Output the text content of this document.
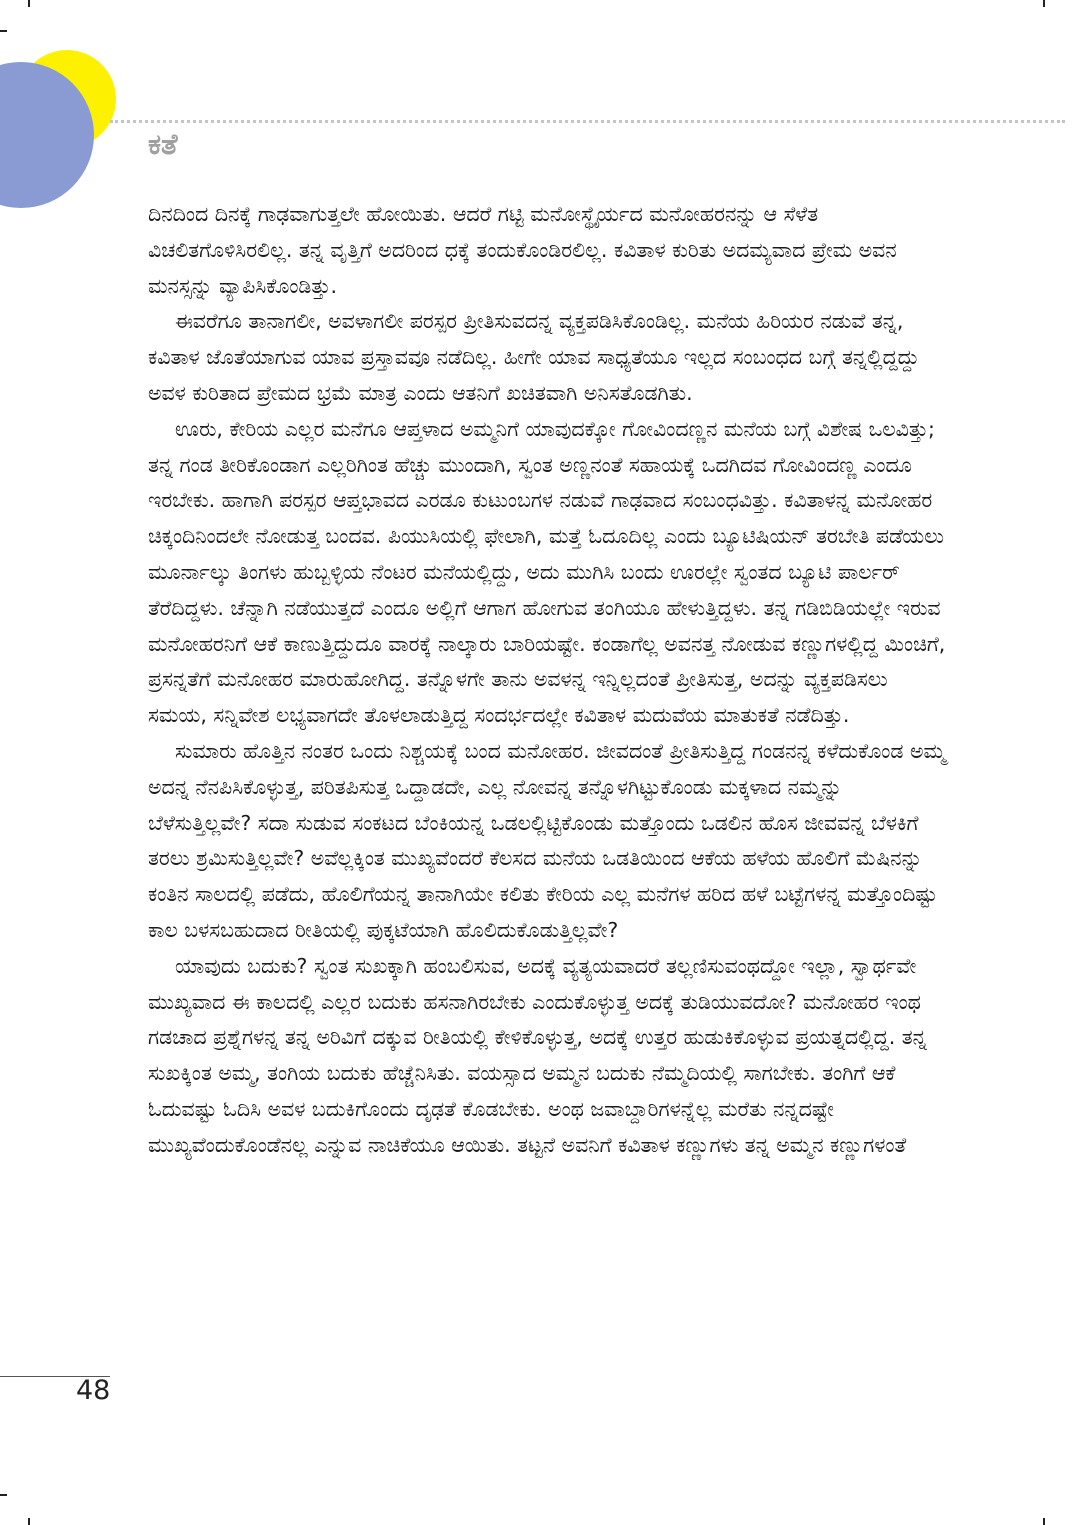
ಕತೆ

ದಿನದಿಂದ ದಿನಕ್ಕೆ ಗಾಢವಾಗುತ್ತಲೇ ಹೋಯಿತು. ಆದರೆ ಗಟ್ಟಿ ಮನೋಸ್ಥೈರ್ಯದ ಮನೋಹರನನ್ನು ಆ ಸೆಳೆತ ವಿಚಲಿತಗೊಳಿಸಿರಲಿಲ್ಲ. ತನ್ನ ವೃತ್ತಿಗೆ ಅದರಿಂದ ಧಕ್ಕೆ ತಂದುಕೊಂಡಿರಲಿಲ್ಲ. ಕವಿತಾಳ ಕುರಿತು ಅದಮ್ಯವಾದ ಪ್ರೇಮ ಅವನ ಮನಸ್ಸನ್ನು ವ್ಯಾಪಿಸಿಕೊಂಡಿತ್ತು.

ಈವರೆಗೂ ತಾನಾಗಲೀ, ಅವಳಾಗಲೀ ಪರಸ್ಪರ ಪ್ರೀತಿಸುವದನ್ನ ವ್ಯಕ್ತಪಡಿಸಿಕೊಂಡಿಲ್ಲ. ಮನೆಯ ಹಿರಿಯರ ನಡುವೆ ತನ್ನ, ಕವಿತಾಳ ಜೊತೆಯಾಗುವ ಯಾವ ಪ್ರಸ್ತಾವವೂ ನಡೆದಿಲ್ಲ. ಹೀಗೇ ಯಾವ ಸಾಧ್ಯತೆಯೂ ಇಲ್ಲದ ಸಂಬಂಧದ ಬಗ್ಗೆ ತನ್ನಲ್ಲಿದ್ದದ್ದು ಅವಳ ಕುರಿತಾದ ಪ್ರೇಮದ ಭ್ರಮೆ ಮಾತ್ರ ಎಂದು ಆತನಿಗೆ ಖಚಿತವಾಗಿ ಅನಿಸತೊಡಗಿತು.

ಊರು, ಕೇರಿಯ ಎಲ್ಲರ ಮನೆಗೂ ಆಪ್ತಳಾದ ಅಮ್ಮನಿಗೆ ಯಾವುದಕ್ಕೋ ಗೋವಿಂದಣ್ಣನ ಮನೆಯ ಬಗ್ಗೆ ವಿಶೇಷ ಒಲವಿತ್ತು; ತನ್ನ ಗಂಡ ತೀರಿಕೊಂಡಾಗ ಎಲ್ಲರಿಗಿಂತ ಹೆಚ್ಚು ಮುಂದಾಗಿ, ಸ್ವಂತ ಅಣ್ಣನಂತೆ ಸಹಾಯಕ್ಕೆ ಒದಗಿದವ ಗೋವಿಂದಣ್ಣ ಎಂದೂ ಇರಬೇಕು. ಹಾಗಾಗಿ ಪರಸ್ಪರ ಆಪ್ತಭಾವದ ಎರಡೂ ಕುಟುಂಬಗಳ ನಡುವೆ ಗಾಢವಾದ ಸಂಬಂಧವಿತ್ತು. ಕವಿತಾಳನ್ನ ಮನೋಹರ ಚಿಕ್ಕಂದಿನಿಂದಲೇ ನೋಡುತ್ತ ಬಂದವ. ಪಿಯುಸಿಯಲ್ಲಿ ಫೇಲಾಗಿ, ಮತ್ತೆ ಓದೂದಿಲ್ಲ ಎಂದು ಬ್ಯೂಟಿಷಿಯನ್ ತರಬೇತಿ ಪಡೆಯಲು ಮೂರ್ನಾಲ್ಕು ತಿಂಗಳು ಹುಬ್ಬಳ್ಳಿಯ ನೆಂಟರ ಮನೆಯಲ್ಲಿದ್ದು, ಅದು ಮುಗಿಸಿ ಬಂದು ಊರಲ್ಲೇ ಸ್ವಂತದ ಬ್ಯೂಟಿ ಪಾರ್ಲರ್ ತೆರೆದಿದ್ದಳು. ಚೆನ್ನಾಗಿ ನಡೆಯುತ್ತದೆ ಎಂದೂ ಅಲ್ಲಿಗೆ ಆಗಾಗ ಹೋಗುವ ತಂಗಿಯೂ ಹೇಳುತ್ತಿದ್ದಳು. ತನ್ನ ಗಡಿಬಿಡಿಯಲ್ಲೇ ಇರುವ ಮನೋಹರನಿಗೆ ಆಕೆ ಕಾಣುತ್ತಿದ್ದುದೂ ವಾರಕ್ಕೆ ನಾಲ್ಕಾರು ಬಾರಿಯಷ್ಟೇ. ಕಂಡಾಗೆಲ್ಲ ಅವನತ್ತ ನೋಡುವ ಕಣ್ಣುಗಳಲ್ಲಿದ್ದ ಮಿಂಚಿಗೆ, ಪ್ರಸನ್ನತೆಗೆ ಮನೋಹರ ಮಾರುಹೋಗಿದ್ದ. ತನ್ನೊಳಗೇ ತಾನು ಅವಳನ್ನ ಇನ್ನಿಲ್ಲದಂತೆ ಪ್ರೀತಿಸುತ್ತ, ಅದನ್ನು ವ್ಯಕ್ತಪಡಿಸಲು ಸಮಯ, ಸನ್ನಿವೇಶ ಲಭ್ಯವಾಗದೇ ತೊಳಲಾಡುತ್ತಿದ್ದ ಸಂದರ್ಭದಲ್ಲೇ ಕವಿತಾಳ ಮದುವೆಯ ಮಾತುಕತೆ ನಡೆದಿತ್ತು.

ಸುಮಾರು ಹೊತ್ತಿನ ನಂತರ ಒಂದು ನಿಶ್ಚಯಕ್ಕೆ ಬಂದ ಮನೋಹರ. ಜೀವದಂತೆ ಪ್ರೀತಿಸುತ್ತಿದ್ದ ಗಂಡನನ್ನ ಕಳೆದುಕೊಂಡ ಅಮ್ಮ ಅದನ್ನ ನೆನಪಿಸಿಕೊಳ್ಳುತ್ತ, ಪರಿತಪಿಸುತ್ತ ಒದ್ದಾಡದೇ, ಎಲ್ಲ ನೋವನ್ನ ತನ್ನೊಳಗಿಟ್ಟುಕೊಂಡು ಮಕ್ಕಳಾದ ನಮ್ಮನ್ನು ಬೆಳೆಸುತ್ತಿಲ್ಲವೇ? ಸದಾ ಸುಡುವ ಸಂಕಟದ ಬೆಂಕಿಯನ್ನ ಒಡಲಲ್ಲಿಟ್ಟಿಕೊಂಡು ಮತ್ತೊಂದು ಒಡಲಿನ ಹೊಸ ಜೀವವನ್ನ ಬೆಳಕಿಗೆ ತರಲು ಶ್ರಮಿಸುತ್ತಿಲ್ಲವೇ? ಅವೆಲ್ಲಕ್ಕಿಂತ ಮುಖ್ಯವೆಂದರೆ ಕೆಲಸದ ಮನೆಯ ಒಡತಿಯಿಂದ ಆಕೆಯ ಹಳೆಯ ಹೊಲಿಗೆ ಮೆಷಿನನ್ನು ಕಂತಿನ ಸಾಲದಲ್ಲಿ ಪಡೆದು, ಹೊಲಿಗೆಯನ್ನ ತಾನಾಗಿಯೇ ಕಲಿತು ಕೇರಿಯ ಎಲ್ಲ ಮನೆಗಳ ಹರಿದ ಹಳೆ ಬಟ್ಟೆಗಳನ್ನ ಮತ್ತೊಂದಿಷ್ಟು ಕಾಲ ಬಳಸಬಹುದಾದ ರೀತಿಯಲ್ಲಿ ಪುಕ್ಕಟೆಯಾಗಿ ಹೊಲಿದುಕೊಡುತ್ತಿಲ್ಲವೇ?

ಯಾವುದು ಬದುಕು? ಸ್ವಂತ ಸುಖಕ್ಕಾಗಿ ಹಂಬಲಿಸುವ, ಅದಕ್ಕೆ ವ್ಯತ್ಯಯವಾದರೆ ತಲ್ಲಣಿಸುವಂಥದ್ದೋ ಇಲ್ಲಾ, ಸ್ವಾರ್ಥವೇ ಮುಖ್ಯವಾದ ಈ ಕಾಲದಲ್ಲಿ ಎಲ್ಲರ ಬದುಕು ಹಸನಾಗಿರಬೇಕು ಎಂದುಕೊಳ್ಳುತ್ತ ಅದಕ್ಕೆ ತುಡಿಯುವದೋ? ಮನೋಹರ ಇಂಥ ಗಡಚಾದ ಪ್ರಶ್ನೆಗಳನ್ನ ತನ್ನ ಅರಿವಿಗೆ ದಕ್ಕುವ ರೀತಿಯಲ್ಲಿ ಕೇಳಿಕೊಳ್ಳುತ್ತ, ಅದಕ್ಕೆ ಉತ್ತರ ಹುಡುಕಿಕೊಳ್ಳುವ ಪ್ರಯತ್ನದಲ್ಲಿದ್ದ. ತನ್ನ ಸುಖಕ್ಕಿಂತ ಅಮ್ಮ, ತಂಗಿಯ ಬದುಕು ಹೆಚ್ಚೆನಿಸಿತು. ವಯಸ್ಸಾದ ಅಮ್ಮನ ಬದುಕು ನೆಮ್ಮದಿಯಲ್ಲಿ ಸಾಗಬೇಕು. ತಂಗಿಗೆ ಆಕೆ ಓದುವಷ್ಟು ಓದಿಸಿ ಅವಳ ಬದುಕಿಗೊಂದು ದೃಢತೆ ಕೊಡಬೇಕು. ಅಂಥ ಜವಾಬ್ದಾರಿಗಳನ್ನೆಲ್ಲ ಮರೆತು ನನ್ನದಷ್ಟೇ ಮುಖ್ಯವೆಂದುಕೊಂಡೆನಲ್ಲ ಎನ್ನುವ ನಾಚಿಕೆಯೂ ಆಯಿತು. ತಟ್ಟನೆ ಅವನಿಗೆ ಕವಿತಾಳ ಕಣ್ಣುಗಳು ತನ್ನ ಅಮ್ಮನ ಕಣ್ಣುಗಳಂತೆ

48
